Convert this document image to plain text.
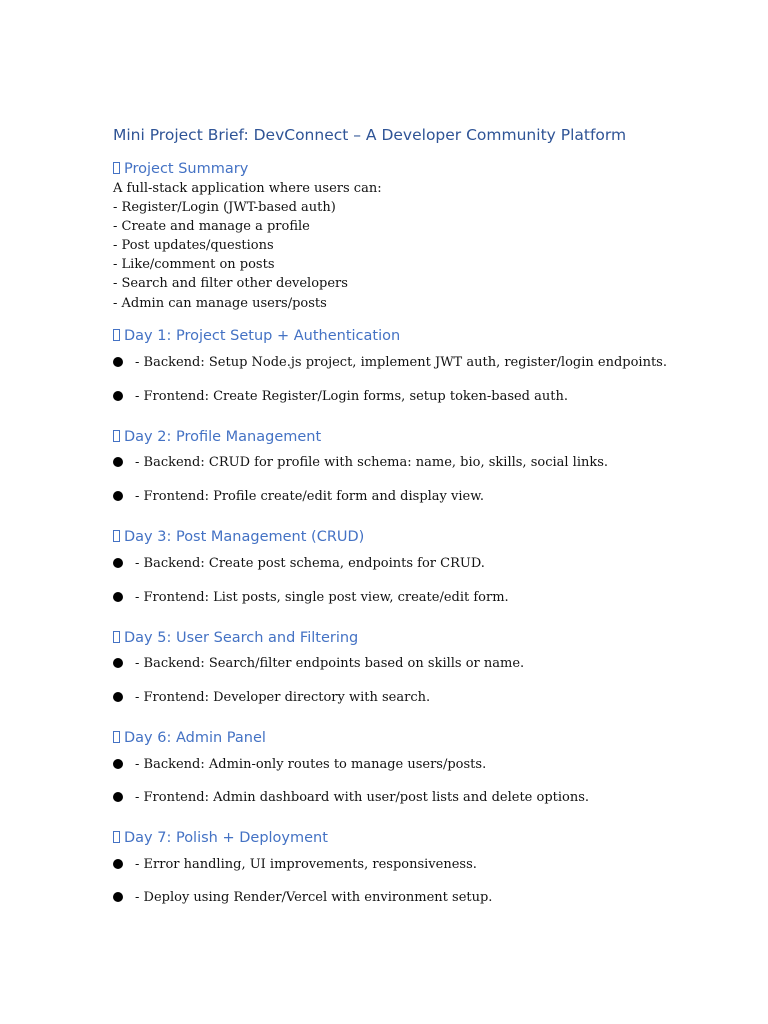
Mini Project Brief: DevConnect – A Developer Community Platform
Project Summary

A full-stack application where users can:

- Register/Login (JWT-based auth)

- Create and manage a profile

- Post updates/questions

- Like/comment on posts

- Search and filter other developers

- Admin can manage users/posts

Day 1: Project Setup + Authentication
- Backend: Setup Node.js project, implement JWT auth, register/login endpoints.
- Frontend: Create Register/Login forms, setup token-based auth.
Day 2: Profile Management
- Backend: CRUD for profile with schema: name, bio, skills, social links.
- Frontend: Profile create/edit form and display view.
Day 3: Post Management (CRUD)
- Backend: Create post schema, endpoints for CRUD.
- Frontend: List posts, single post view, create/edit form.
Day 5: User Search and Filtering
- Backend: Search/filter endpoints based on skills or name.
- Frontend: Developer directory with search.
Day 6: Admin Panel
- Backend: Admin-only routes to manage users/posts.
- Frontend: Admin dashboard with user/post lists and delete options.
Day 7: Polish + Deployment
- Error handling, UI improvements, responsiveness.
- Deploy using Render/Vercel with environment setup.
